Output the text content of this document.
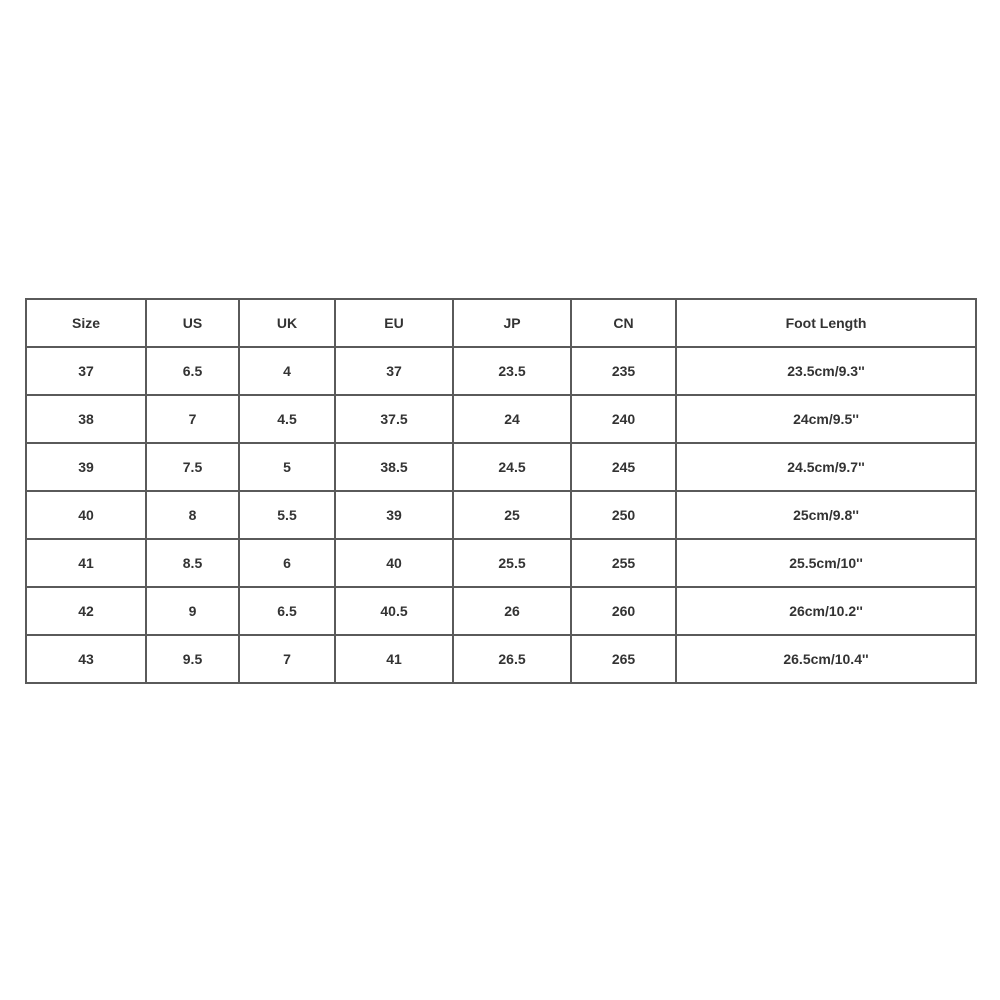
Size	US	UK	EU	JP	CN	Foot Length
37	6.5	4	37	23.5	235	23.5cm/9.3''
38	7	4.5	37.5	24	240	24cm/9.5''
39	7.5	5	38.5	24.5	245	24.5cm/9.7''
40	8	5.5	39	25	250	25cm/9.8''
41	8.5	6	40	25.5	255	25.5cm/10''
42	9	6.5	40.5	26	260	26cm/10.2''
43	9.5	7	41	26.5	265	26.5cm/10.4''
